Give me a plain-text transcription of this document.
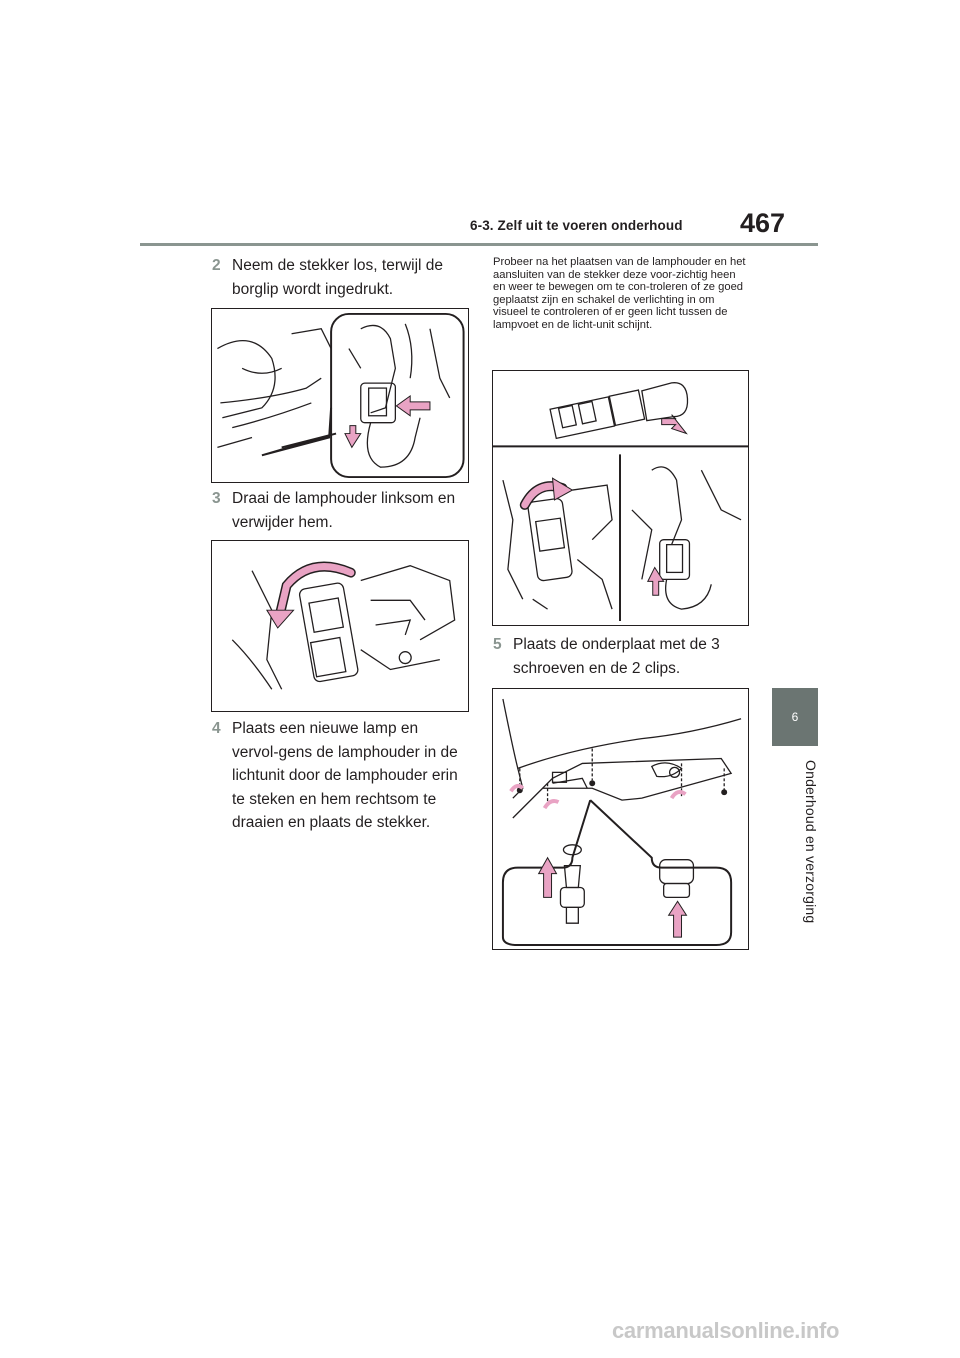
6-3. Zelf uit te voeren onderhoud 467
6
Onderhoud en verzorging
2 Neem de stekker los, terwijl de borglip wordt ingedrukt.
3 Draai de lamphouder linksom en verwijder hem.
4 Plaats een nieuwe lamp en vervol-gens de lamphouder in de lichtunit door de lamphouder erin te steken en hem rechtsom te draaien en plaats de stekker.
Probeer na het plaatsen van de lamphouder en het aansluiten van de stekker deze voor-zichtig heen en weer te bewegen om te con-troleren of ze goed geplaatst zijn en schakel de verlichting in om visueel te controleren of er geen licht tussen de lampvoet en de licht-unit schijnt.
5 Plaats de onderplaat met de 3 schroeven en de 2 clips.
carmanualsonline.info
